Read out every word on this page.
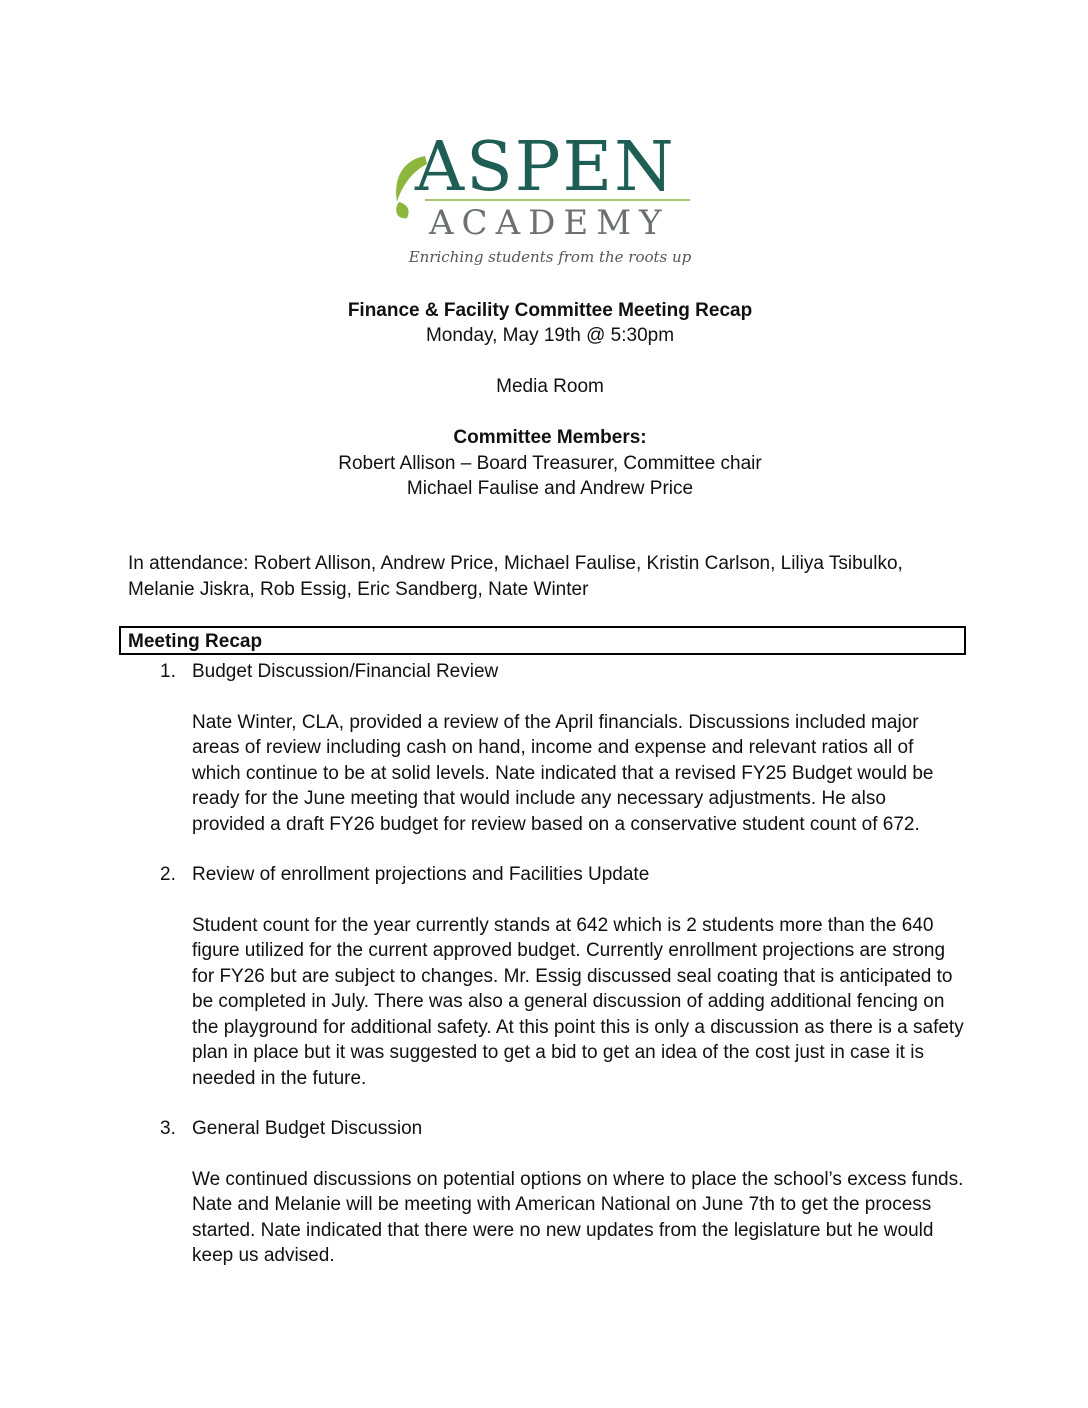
ASPEN
ACADEMY
Enriching students from the roots up
Finance & Facility Committee Meeting Recap
Monday, May 19th @ 5:30pm
Media Room
Committee Members:
Robert Allison – Board Treasurer, Committee chair
Michael Faulise and Andrew Price
In attendance: Robert Allison, Andrew Price, Michael Faulise, Kristin Carlson, Liliya Tsibulko, Melanie Jiskra, Rob Essig, Eric Sandberg, Nate Winter
Meeting Recap
1. Budget Discussion/Financial Review
Nate Winter, CLA, provided a review of the April financials. Discussions included major areas of review including cash on hand, income and expense and relevant ratios all of which continue to be at solid levels. Nate indicated that a revised FY25 Budget would be ready for the June meeting that would include any necessary adjustments. He also provided a draft FY26 budget for review based on a conservative student count of 672.
2. Review of enrollment projections and Facilities Update
Student count for the year currently stands at 642 which is 2 students more than the 640 figure utilized for the current approved budget. Currently enrollment projections are strong for FY26 but are subject to changes. Mr. Essig discussed seal coating that is anticipated to be completed in July. There was also a general discussion of adding additional fencing on the playground for additional safety. At this point this is only a discussion as there is a safety plan in place but it was suggested to get a bid to get an idea of the cost just in case it is needed in the future.
3. General Budget Discussion
We continued discussions on potential options on where to place the school’s excess funds. Nate and Melanie will be meeting with American National on June 7th to get the process started. Nate indicated that there were no new updates from the legislature but he would keep us advised.
